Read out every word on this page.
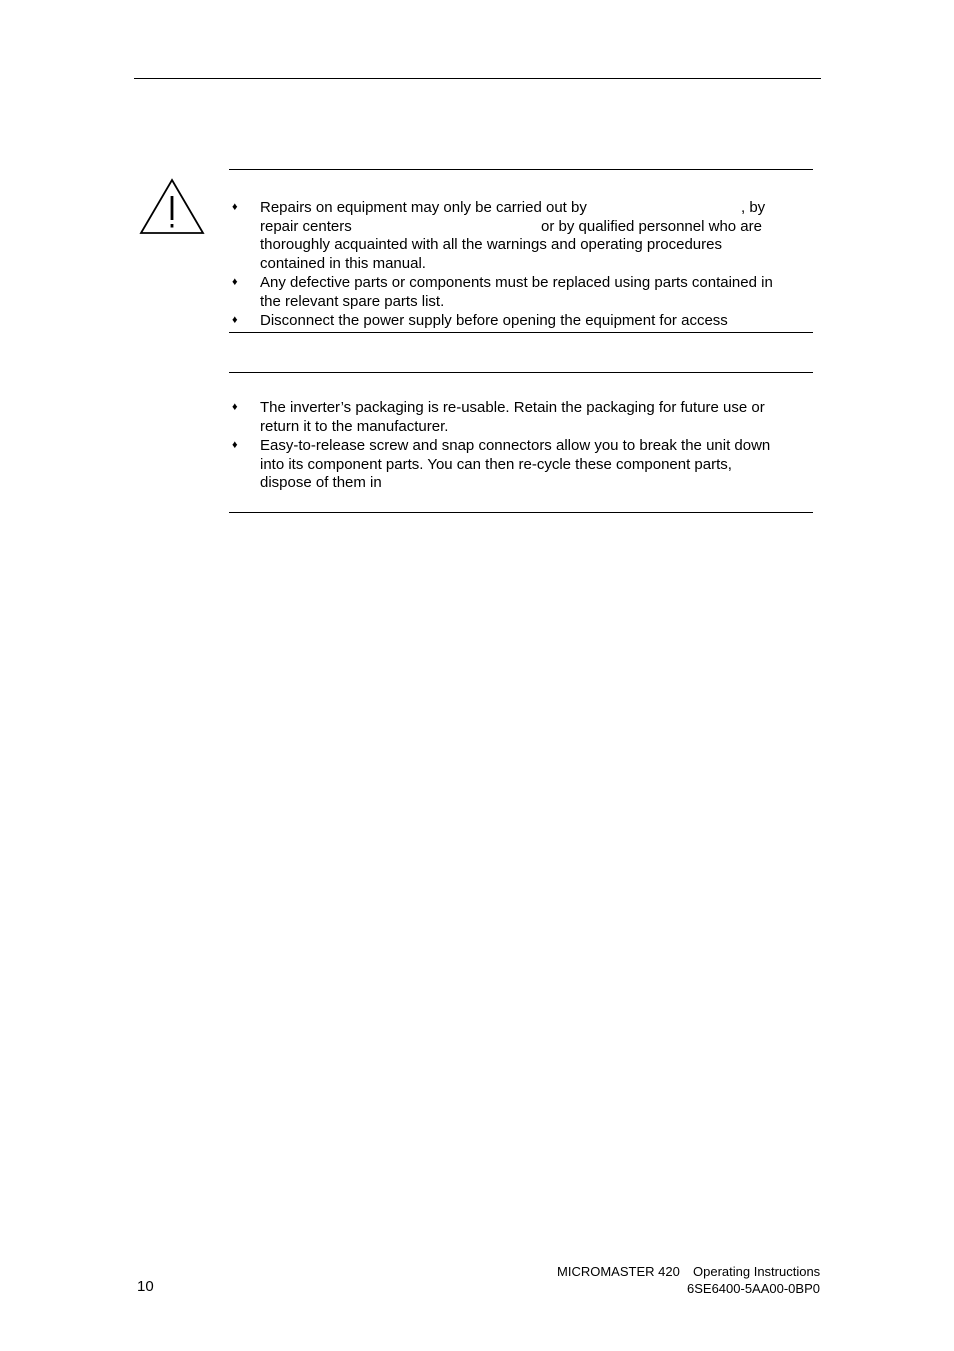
♦ Repairs on equipment may only be carried out by	, by
repair centers	or by qualified personnel who are
thoroughly acquainted with all the warnings and operating procedures
contained in this manual.
♦ Any defective parts or components must be replaced using parts contained in
the relevant spare parts list.
♦ Disconnect the power supply before opening the equipment for access
♦ The inverter’s packaging is re-usable. Retain the packaging for future use or
return it to the manufacturer.
♦ Easy-to-release screw and snap connectors allow you to break the unit down
into its component parts. You can then re-cycle these component parts,
dispose of them in
10
MICROMASTER 420 Operating Instructions
6SE6400-5AA00-0BP0
